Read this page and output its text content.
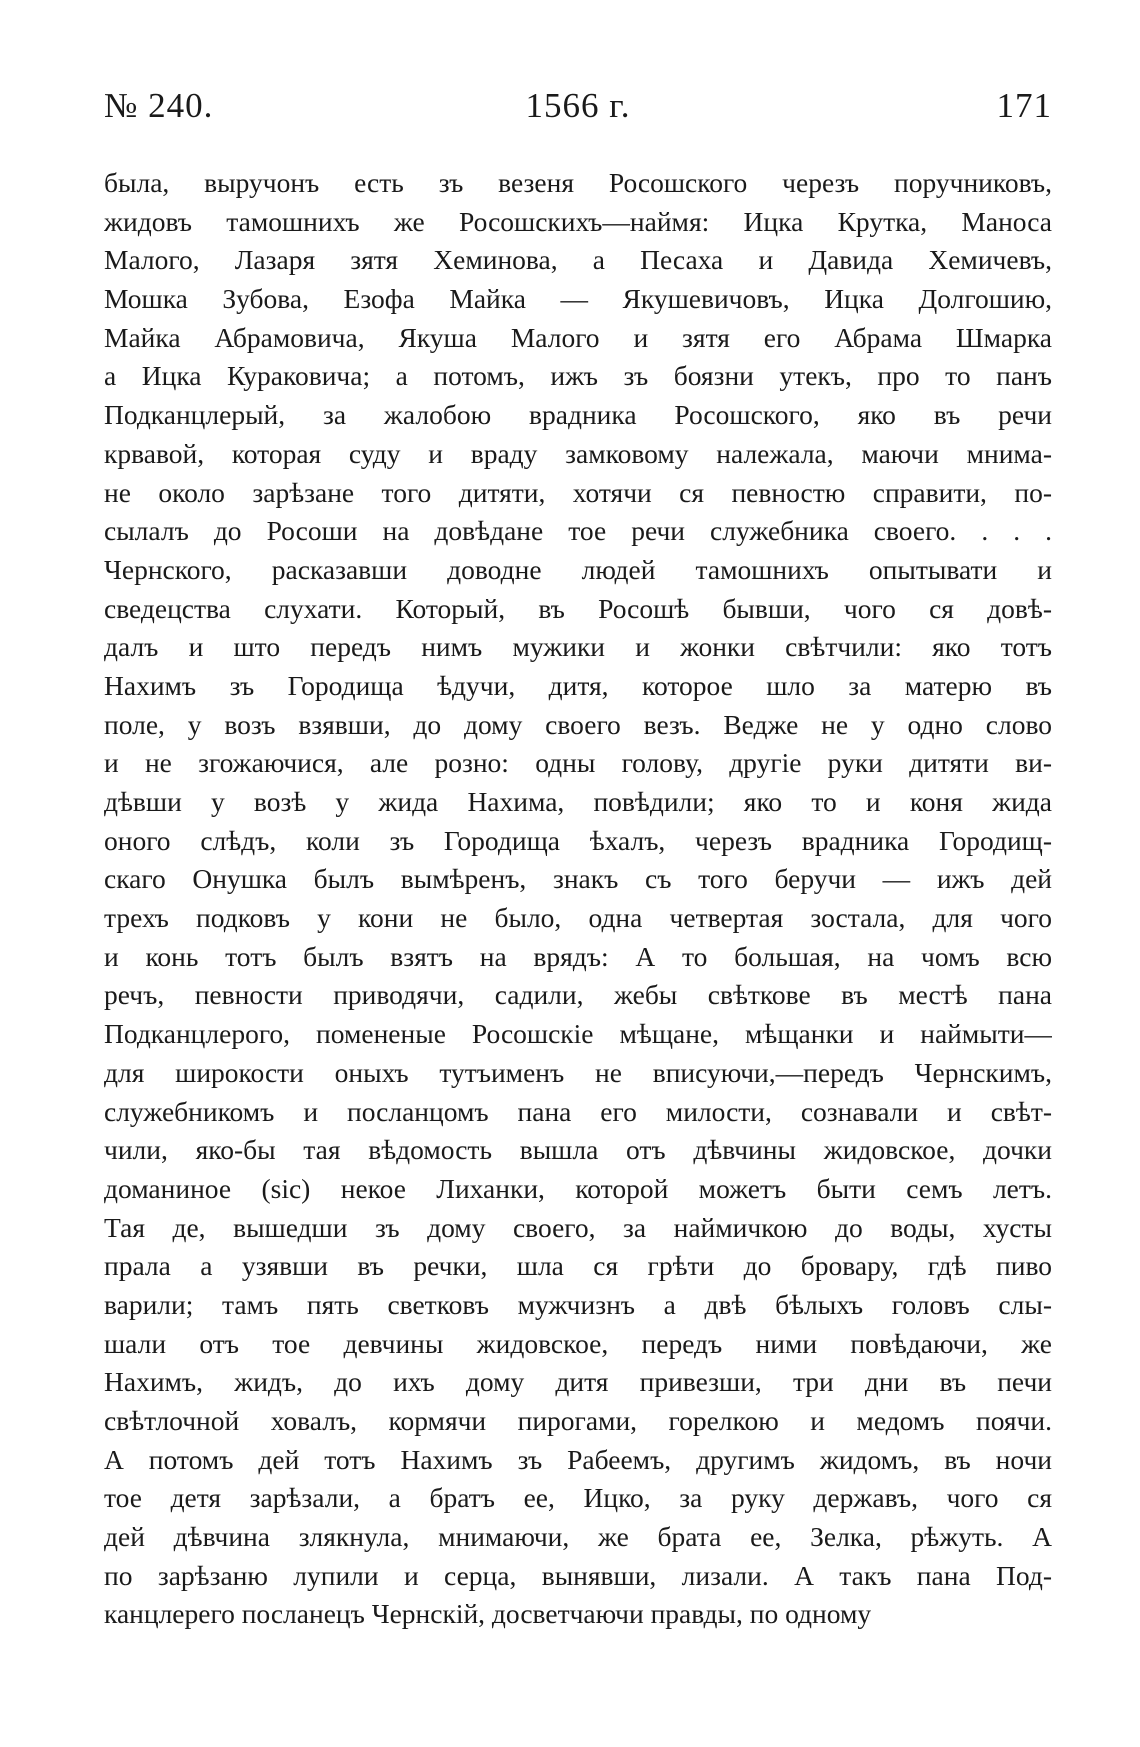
№ 240.	1566 г.	171
была, выручонъ есть зъ везеня Росошского черезъ поручниковъ,
жидовъ тамошнихъ же Росошскихъ—наймя: Ицка Крутка, Маноса
Малого, Лазаря зятя Хеминова, а Песаха и Давида Хемичевъ,
Мошка Зубова, Езофа Майка — Якушевичовъ, Ицка Долгошию,
Майка Абрамовича, Якуша Малого и зятя его Абрама Шмарка
а Ицка Кураковича; а потомъ, ижъ зъ боязни утекъ, про то панъ
Подканцлерый, за жалобою врадника Росошского, яко въ речи
крвавой, которая суду и враду замковому належала, маючи мнима-
не около зарѣзане того дитяти, хотячи ся певностю справити, по-
сылалъ до Росоши на довѣдане тое речи служебника своего. . . .
Чернского, расказавши доводне людей тамошнихъ опытывати и
сведецства слухати. Который, въ Росошѣ бывши, чого ся довѣ-
далъ и што передъ нимъ мужики и жонки свѣтчили: яко тотъ
Нахимъ зъ Городища ѣдучи, дитя, которое шло за матерю въ
поле, у возъ взявши, до дому своего везъ. Ведже не у одно слово
и не згожаючися, але розно: одны голову, другіе руки дитяти ви-
дѣвши у возѣ у жида Нахима, повѣдили; яко то и коня жида
оного слѣдъ, коли зъ Городища ѣхалъ, черезъ врадника Городищ-
скаго Онушка былъ вымѣренъ, знакъ съ того беручи — ижъ дей
трехъ подковъ у кони не было, одна четвертая зостала, для чого
и конь тотъ былъ взятъ на врядъ: А то большая, на чомъ всю
речъ, певности приводячи, садили, жебы свѣткове въ местѣ пана
Подканцлерого, помененые Росошскіе мѣщане, мѣщанки и наймыти—
для широкости оныхъ тутъименъ не вписуючи,—передъ Чернскимъ,
служебникомъ и посланцомъ пана его милости, сознавали и свѣт-
чили, яко-бы тая вѣдомость вышла отъ дѣвчины жидовское, дочки
доманиное (sic) некое Лиханки, которой можетъ быти семъ летъ.
Тая де, вышедши зъ дому своего, за наймичкою до воды, хусты
прала а узявши въ речки, шла ся грѣти до бровару, гдѣ пиво
варили; тамъ пять светковъ мужчизнъ а двѣ бѣлыхъ головъ слы-
шали отъ тое девчины жидовское, передъ ними повѣдаючи, же
Нахимъ, жидъ, до ихъ дому дитя привезши, три дни въ печи
свѣтлочной ховалъ, кормячи пирогами, горелкою и медомъ поячи.
А потомъ дей тотъ Нахимъ зъ Рабеемъ, другимъ жидомъ, въ ночи
тое детя зарѣзали, а братъ ее, Ицко, за руку державъ, чого ся
дей дѣвчина злякнула, мнимаючи, же брата ее, Зелка, рѣжуть. А
по зарѣзаню лупили и серца, вынявши, лизали. А такъ пана Под-
канцлерего посланецъ Чернскій, досветчаючи правды, по одному
